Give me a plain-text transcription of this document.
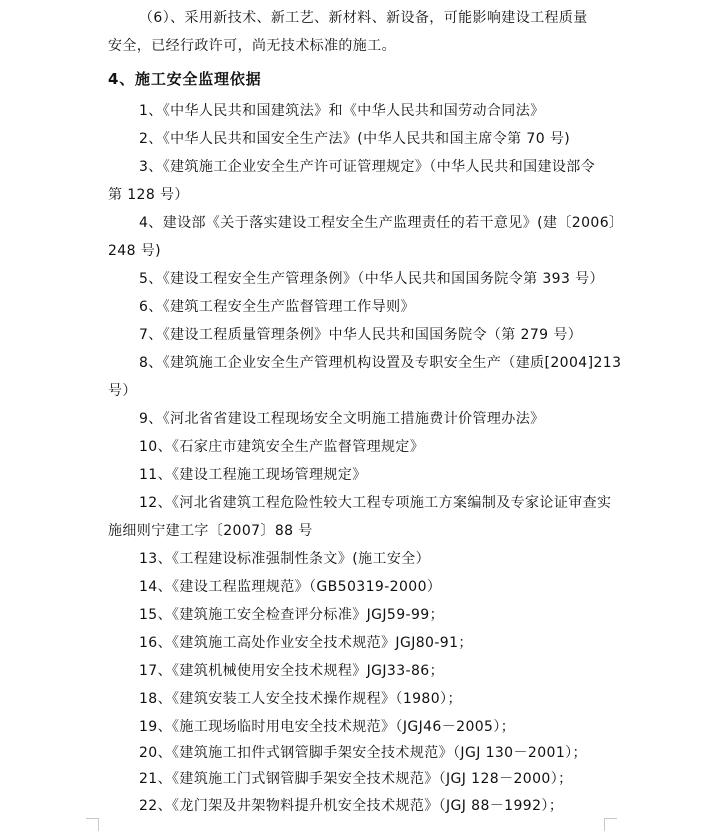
（6）、采用新技术、新工艺、新材料、新设备，可能影响建设工程质量
安全，已经行政许可，尚无技术标准的施工。
4、施工安全监理依据
1、《中华人民共和国建筑法》和《中华人民共和国劳动合同法》
2、《中华人民共和国安全生产法》(中华人民共和国主席令第 70 号)
3、《建筑施工企业安全生产许可证管理规定》（中华人民共和国建设部令
第 128 号）
4、建设部《关于落实建设工程安全生产监理责任的若干意见》(建〔2006〕
248 号)
5、《建设工程安全生产管理条例》（中华人民共和国国务院令第 393 号）
6、《建筑工程安全生产监督管理工作导则》
7、《建设工程质量管理条例》中华人民共和国国务院令（第 279 号）
8、《建筑施工企业安全生产管理机构设置及专职安全生产（建质[2004]213
号）
9、《河北省省建设工程现场安全文明施工措施费计价管理办法》
10、《石家庄市建筑安全生产监督管理规定》
11、《建设工程施工现场管理规定》
12、《河北省建筑工程危险性较大工程专项施工方案编制及专家论证审查实
施细则宁建工字〔2007〕88 号
13、《工程建设标准强制性条文》(施工安全）
14、《建设工程监理规范》（GB50319-2000）
15、《建筑施工安全检查评分标准》JGJ59-99；
16、《建筑施工高处作业安全技术规范》JGJ80-91；
17、《建筑机械使用安全技术规程》JGJ33-86；
18、《建筑安装工人安全技术操作规程》（1980）；
19、《施工现场临时用电安全技术规范》（JGJ46－2005）；
20、《建筑施工扣件式钢管脚手架安全技术规范》（JGJ 130－2001）；
21、《建筑施工门式钢管脚手架安全技术规范》（JGJ 128－2000）；
22、《龙门架及井架物料提升机安全技术规范》（JGJ 88－1992）；
